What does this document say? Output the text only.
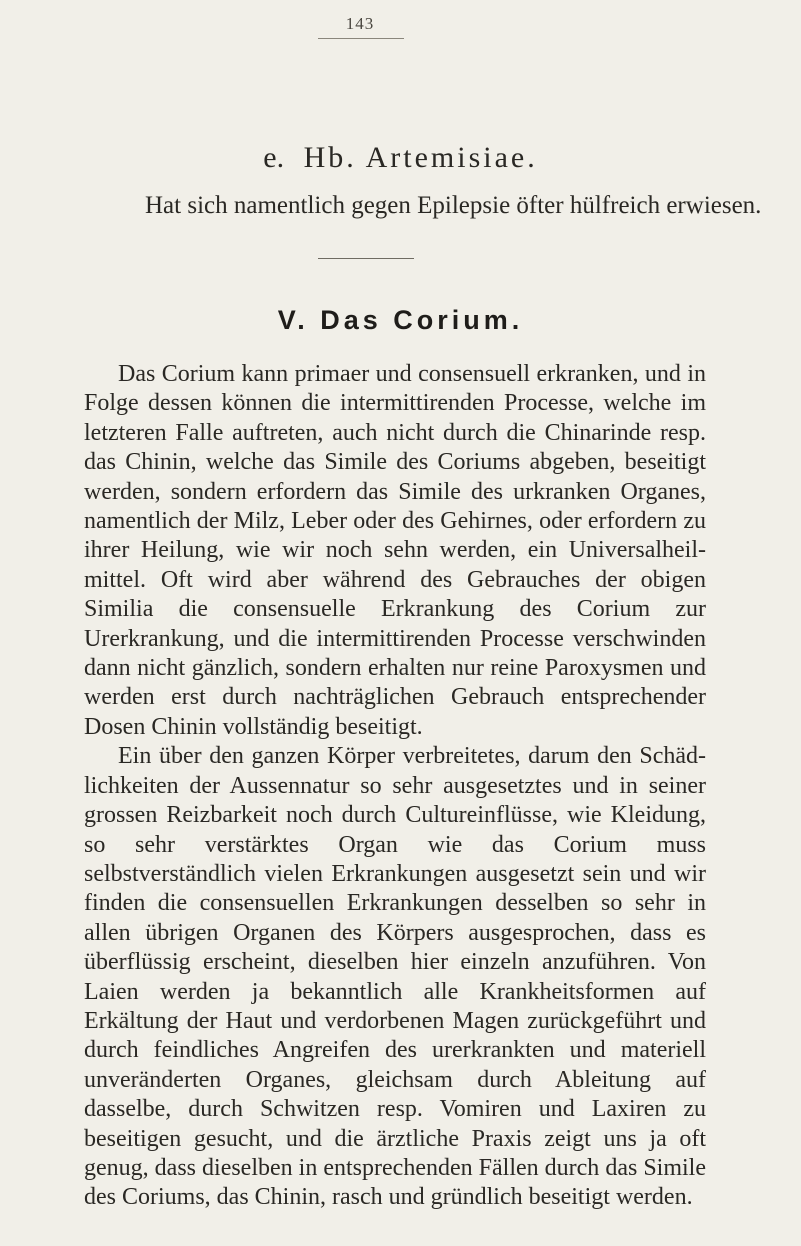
143
e. Hb. Artemisiae.
Hat sich namentlich gegen Epilepsie öfter hülfreich erwiesen.
V. Das Corium.

Das Corium kann primaer und consensuell erkranken, und in Folge dessen können die intermittirenden Processe, welche im letzteren Falle auftreten, auch nicht durch die Chinarinde resp. das Chinin, welche das Simile des Coriums abgeben, beseitigt werden, sondern erfordern das Simile des urkranken Organes, namentlich der Milz, Leber oder des Gehirnes, oder erfordern zu ihrer Heilung, wie wir noch sehn werden, ein Universalheil-mittel. Oft wird aber während des Gebrauches der obigen Similia die consensuelle Erkrankung des Corium zur Urerkrankung, und die intermittirenden Processe verschwinden dann nicht gänzlich, sondern erhalten nur reine Paroxysmen und werden erst durch nachträglichen Gebrauch entsprechender Dosen Chinin vollständig beseitigt.

Ein über den ganzen Körper verbreitetes, darum den Schäd-lichkeiten der Aussennatur so sehr ausgesetztes und in seiner grossen Reizbarkeit noch durch Cultureinflüsse, wie Kleidung, so sehr verstärktes Organ wie das Corium muss selbstverständlich vielen Erkrankungen ausgesetzt sein und wir finden die consensuellen Erkrankungen desselben so sehr in allen übrigen Organen des Körpers ausgesprochen, dass es überflüssig erscheint, dieselben hier einzeln anzuführen. Von Laien werden ja bekanntlich alle Krankheitsformen auf Erkältung der Haut und verdorbenen Magen zurückgeführt und durch feindliches Angreifen des urerkrankten und materiell unveränderten Organes, gleichsam durch Ableitung auf dasselbe, durch Schwitzen resp. Vomiren und Laxiren zu beseitigen gesucht, und die ärztliche Praxis zeigt uns ja oft genug, dass dieselben in entsprechenden Fällen durch das Simile des Coriums, das Chinin, rasch und gründlich beseitigt werden.
